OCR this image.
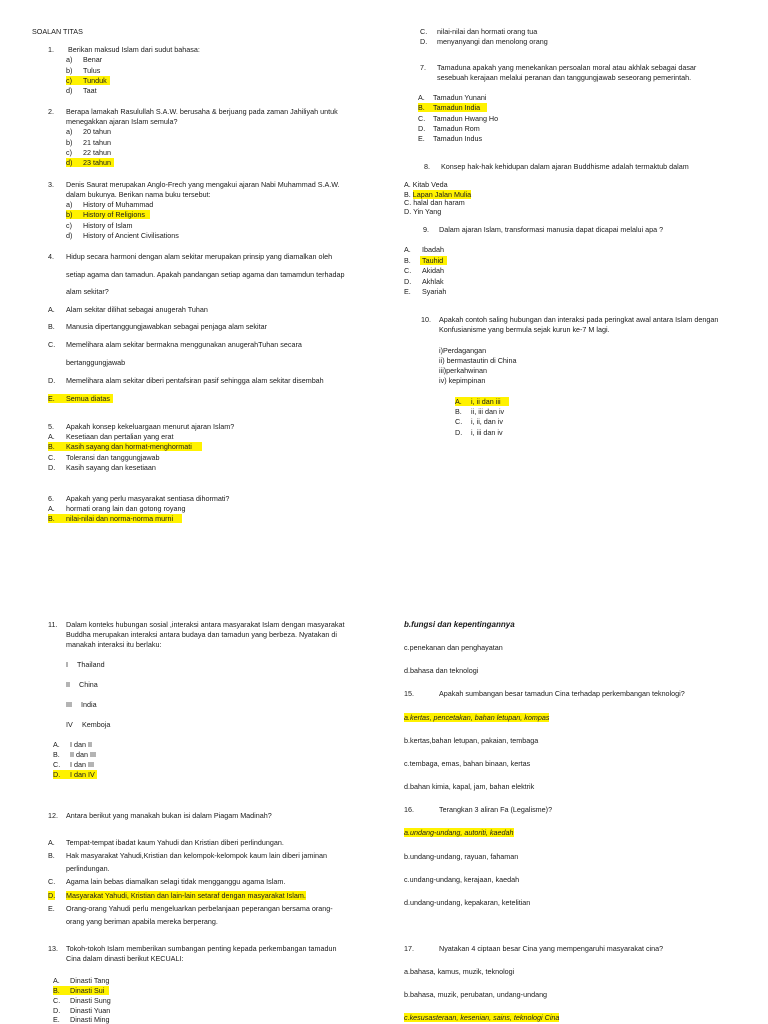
SOALAN TITAS
1. Berikan maksud Islam dari sudut bahasa:
a) Benar
b) Tulus
c) Tunduk
d) Taat
2. Berapa lamakah Rasulullah S.A.W. berusaha & berjuang pada zaman Jahiliyah untuk
menegakkan ajaran Islam semula?
a) 20 tahun
b) 21 tahun
c) 22 tahun
d) 23 tahun
3. Denis Saurat merupakan Anglo-Frech yang mengakui ajaran Nabi Muhammad S.A.W.
dalam bukunya. Berikan nama buku tersebut:
a) History of Muhammad
b) History of Religions
c) History of Islam
d) History of Ancient Civilisations
4. Hidup secara harmoni dengan alam sekitar merupakan prinsip yang diamalkan oleh
setiap agama dan tamadun. Apakah pandangan setiap agama dan tamamdun terhadap
alam sekitar?
A. Alam sekitar dilihat sebagai anugerah Tuhan
B. Manusia dipertanggungjawabkan sebagai penjaga alam sekitar
C. Memelihara alam sekitar bermakna menggunakan anugerahTuhan secara
bertanggungjawab
D. Memelihara alam sekitar diberi pentafsiran pasif sehingga alam sekitar disembah
E. Semua diatas
5. Apakah konsep kekeluargaan menurut ajaran Islam?
A. Kesetiaan dan pertalian yang erat
B. Kasih sayang dan hormat-menghormati
C. Toleransi dan tanggungjawab
D. Kasih sayang dan kesetiaan
6. Apakah yang perlu masyarakat sentiasa dihormati?
A. hormati orang lain dan gotong royang
B. nilai-nilai dan norma-norma murni
C. nilai-nilai dan hormati orang tua
D. menyanyangi dan menolong orang
7. Tamaduna apakah yang menekankan persoalan moral atau akhlak sebagai dasar
sesebuah kerajaan melalui peranan dan tanggungjawab seseorang pemerintah.
A. Tamadun Yunani
B. Tamadun India
C. Tamadun Hwang Ho
D. Tamadun Rom
E. Tamadun Indus
8. Konsep hak-hak kehidupan dalam ajaran Buddhisme adalah termaktub dalam
A. Kitab Veda
B. Lapan Jalan Mulia
C. halal dan haram
D. Yin Yang
9. Dalam ajaran Islam, transformasi manusia dapat dicapai melalui apa ?
A. Ibadah
B. Tauhid
C. Akidah
D. Akhlak
E. Syariah
10. Apakah contoh saling hubungan dan interaksi pada peringkat awal antara Islam dengan
Konfusianisme yang bermula sejak kurun ke-7 M lagi.
i)Perdagangan
ii) bermastautin di China
iii)perkahwinan
iv) kepimpinan
A. i, ii dan iii
B. ii, iii dan iv
C. i, ii, dan iv
D. i, iii dan iv
11. Dalam konteks hubungan sosial ,interaksi antara masyarakat Islam dengan masyarakat
Buddha merupakan interaksi antara budaya dan tamadun yang berbeza. Nyatakan di
manakah interaksi itu berlaku:
I Thailand
II China
III India
IV Kemboja
A. I dan II
B. II dan III
C. I dan III
D. I dan IV
12. Antara berikut yang manakah bukan isi dalam Piagam Madinah?
A. Tempat-tempat ibadat kaum Yahudi dan Kristian diberi perlindungan.
B. Hak masyarakat Yahudi,Kristian dan kelompok-kelompok kaum lain diberi jaminan
perlindungan.
C. Agama lain bebas diamalkan selagi tidak mengganggu agama Islam.
D. Masyarakat Yahudi, Kristian dan lain-lain setaraf dengan masyarakat Islam.
E. Orang-orang Yahudi perlu mengeluarkan perbelanjaan peperangan bersama orang-
orang yang beriman apabila mereka berperang.
13. Tokoh-tokoh Islam memberikan sumbangan penting kepada perkembangan tamadun
Cina dalam dinasti berikut KECUALI:
A. Dinasti Tang
B. Dinasti Sui
C. Dinasti Sung
D. Dinasti Yuan
E. Dinasti Ming
b.fungsi dan kepentingannya
c.penekanan dan penghayatan
d.bahasa dan teknologi
15.	Apakah sumbangan besar tamadun Cina terhadap perkembangan teknologi?
a.kertas, pencetakan, bahan letupan, kompas
b.kertas,bahan letupan, pakaian, tembaga
c.tembaga, emas, bahan binaan, kertas
d.bahan kimia, kapal, jam, bahan elektrik
16.	Terangkan 3 aliran Fa (Legalisme)?
a.undang-undang, autoriti, kaedah
b.undang-undang, rayuan, fahaman
c.undang-undang, kerajaan, kaedah
d.undang-undang, kepakaran, ketelitian
17.	Nyatakan 4 ciptaan besar Cina yang mempengaruhi masyarakat cina?
a.bahasa, kamus, muzik, teknologi
b.bahasa, muzik, perubatan, undang-undang
c.kesusasteraan, kesenian, sains, teknologi Cina
